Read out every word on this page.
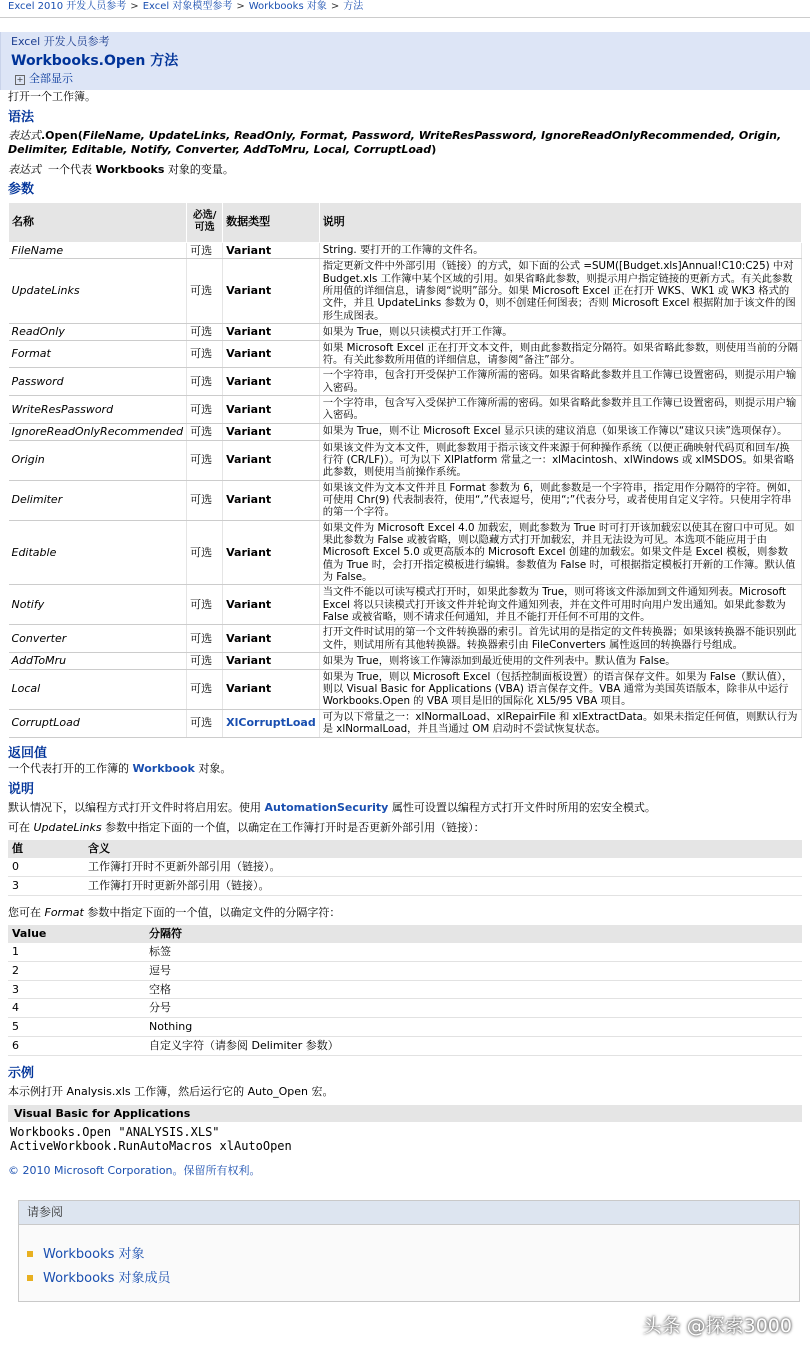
Excel 2010 开发人员参考 > Excel 对象模型参考 > Workbooks 对象 > 方法
Excel 开发人员参考
Workbooks.Open 方法
+ 全部显示

打开一个工作簿。

语法

表达式.Open(FileName, UpdateLinks, ReadOnly, Format, Password, WriteResPassword, IgnoreReadOnlyRecommended, Origin, Delimiter, Editable, Notify, Converter, AddToMru, Local, CorruptLoad)

表达式 一个代表 Workbooks 对象的变量。

参数
名称	必选/可选	数据类型	说明
FileName	可选	Variant	String. 要打开的工作簿的文件名。
UpdateLinks	可选	Variant	指定更新文件中外部引用（链接）的方式，如下面的公式 =SUM([Budget.xls]Annual!C10:C25) 中对 Budget.xls 工作簿中某个区域的引用。如果省略此参数，则提示用户指定链接的更新方式。有关此参数所用值的详细信息，请参阅“说明”部分。如果 Microsoft Excel 正在打开 WKS、WK1 或 WK3 格式的文件，并且 UpdateLinks 参数为 0，则不创建任何图表；否则 Microsoft Excel 根据附加于该文件的图形生成图表。
ReadOnly	可选	Variant	如果为 True，则以只读模式打开工作簿。
Format	可选	Variant	如果 Microsoft Excel 正在打开文本文件，则由此参数指定分隔符。如果省略此参数，则使用当前的分隔符。有关此参数所用值的详细信息，请参阅“备注”部分。
Password	可选	Variant	一个字符串，包含打开受保护工作簿所需的密码。如果省略此参数并且工作簿已设置密码，则提示用户输入密码。
WriteResPassword	可选	Variant	一个字符串，包含写入受保护工作簿所需的密码。如果省略此参数并且工作簿已设置密码，则提示用户输入密码。
IgnoreReadOnlyRecommended	可选	Variant	如果为 True，则不让 Microsoft Excel 显示只读的建议消息（如果该工作簿以“建议只读”选项保存）。
Origin	可选	Variant	如果该文件为文本文件，则此参数用于指示该文件来源于何种操作系统（以便正确映射代码页和回车/换行符 (CR/LF)）。可为以下 XlPlatform 常量之一：xlMacintosh、xlWindows 或 xlMSDOS。如果省略此参数，则使用当前操作系统。
Delimiter	可选	Variant	如果该文件为文本文件并且 Format 参数为 6，则此参数是一个字符串，指定用作分隔符的字符。例如，可使用 Chr(9) 代表制表符，使用“,”代表逗号，使用“;”代表分号，或者使用自定义字符。只使用字符串的第一个字符。
Editable	可选	Variant	如果文件为 Microsoft Excel 4.0 加载宏，则此参数为 True 时可打开该加载宏以使其在窗口中可见。如果此参数为 False 或被省略，则以隐藏方式打开加载宏，并且无法设为可见。本选项不能应用于由 Microsoft Excel 5.0 或更高版本的 Microsoft Excel 创建的加载宏。如果文件是 Excel 模板，则参数值为 True 时，会打开指定模板进行编辑。参数值为 False 时，可根据指定模板打开新的工作簿。默认值为 False。
Notify	可选	Variant	当文件不能以可读写模式打开时，如果此参数为 True，则可将该文件添加到文件通知列表。Microsoft Excel 将以只读模式打开该文件并轮询文件通知列表，并在文件可用时向用户发出通知。如果此参数为 False 或被省略，则不请求任何通知，并且不能打开任何不可用的文件。
Converter	可选	Variant	打开文件时试用的第一个文件转换器的索引。首先试用的是指定的文件转换器；如果该转换器不能识别此文件，则试用所有其他转换器。转换器索引由 FileConverters 属性返回的转换器行号组成。
AddToMru	可选	Variant	如果为 True，则将该工作簿添加到最近使用的文件列表中。默认值为 False。
Local	可选	Variant	如果为 True，则以 Microsoft Excel（包括控制面板设置）的语言保存文件。如果为 False（默认值），则以 Visual Basic for Applications (VBA) 语言保存文件。VBA 通常为美国英语版本，除非从中运行 Workbooks.Open 的 VBA 项目是旧的国际化 XL5/95 VBA 项目。
CorruptLoad	可选	XlCorruptLoad	可为以下常量之一：xlNormalLoad、xlRepairFile 和 xlExtractData。如果未指定任何值，则默认行为是 xlNormalLoad，并且当通过 OM 启动时不尝试恢复状态。
返回值

一个代表打开的工作簿的 Workbook 对象。

说明

默认情况下，以编程方式打开文件时将启用宏。使用 AutomationSecurity 属性可设置以编程方式打开文件时所用的宏安全模式。

可在 UpdateLinks 参数中指定下面的一个值，以确定在工作簿打开时是否更新外部引用（链接）：

值	含义
0	工作簿打开时不更新外部引用（链接）。
3	工作簿打开时更新外部引用（链接）。

您可在 Format 参数中指定下面的一个值，以确定文件的分隔字符：

Value	分隔符
1	标签
2	逗号
3	空格
4	分号
5	Nothing
6	自定义字符（请参阅 Delimiter 参数）
示例

本示例打开 Analysis.xls 工作簿，然后运行它的 Auto_Open 宏。

Visual Basic for Applications
Workbooks.Open "ANALYSIS.XLS"
ActiveWorkbook.RunAutoMacros xlAutoOpen
© 2010 Microsoft Corporation。保留所有权利。
请参阅
Workbooks 对象
Workbooks 对象成员
头条 @探索3000
